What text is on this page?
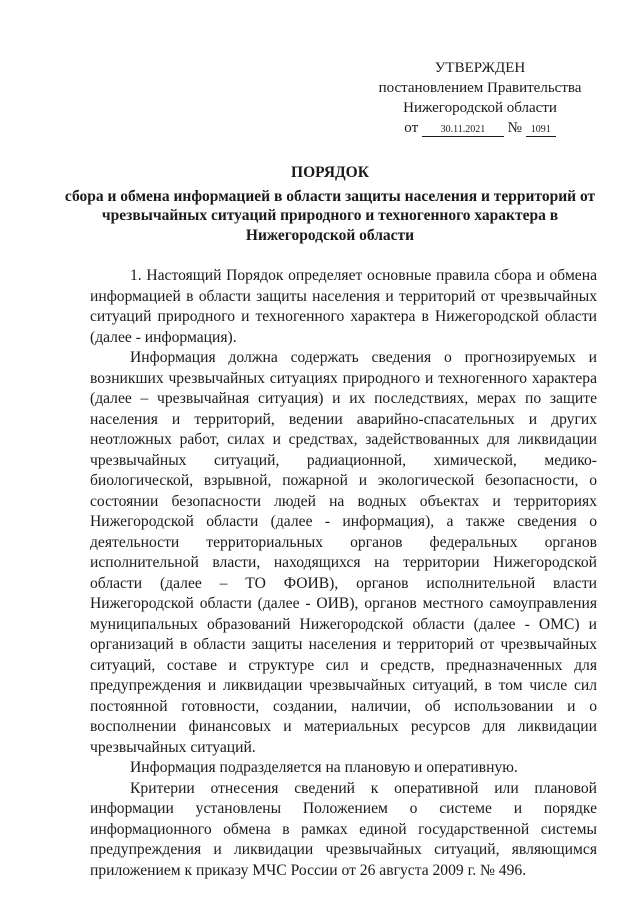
УТВЕРЖДЕН
постановлением Правительства
Нижегородской области
от 30.11.2021 № 1091
ПОРЯДОК
сбора и обмена информацией в области защиты населения и территорий от чрезвычайных ситуаций природного и техногенного характера в Нижегородской области

1. Настоящий Порядок определяет основные правила сбора и обмена информацией в области защиты населения и территорий от чрезвычайных ситуаций природного и техногенного характера в Нижегородской области (далее - информация).

Информация должна содержать сведения о прогнозируемых и возникших чрезвычайных ситуациях природного и техногенного характера (далее – чрезвычайная ситуация) и их последствиях, мерах по защите населения и территорий, ведении аварийно-спасательных и других неотложных работ, силах и средствах, задействованных для ликвидации чрезвычайных ситуаций, радиационной, химической, медико-биологической, взрывной, пожарной и экологической безопасности, о состоянии безопасности людей на водных объектах и территориях Нижегородской области (далее - информация), а также сведения о деятельности территориальных органов федеральных органов исполнительной власти, находящихся на территории Нижегородской области (далее – ТО ФОИВ), органов исполнительной власти Нижегородской области (далее - ОИВ), органов местного самоуправления муниципальных образований Нижегородской области (далее - ОМС) и организаций в области защиты населения и территорий от чрезвычайных ситуаций, составе и структуре сил и средств, предназначенных для предупреждения и ликвидации чрезвычайных ситуаций, в том числе сил постоянной готовности, создании, наличии, об использовании и о восполнении финансовых и материальных ресурсов для ликвидации чрезвычайных ситуаций.

Информация подразделяется на плановую и оперативную.

Критерии отнесения сведений к оперативной или плановой информации установлены Положением о системе и порядке информационного обмена в рамках единой государственной системы предупреждения и ликвидации чрезвычайных ситуаций, являющимся приложением к приказу МЧС России от 26 августа 2009 г. № 496.
